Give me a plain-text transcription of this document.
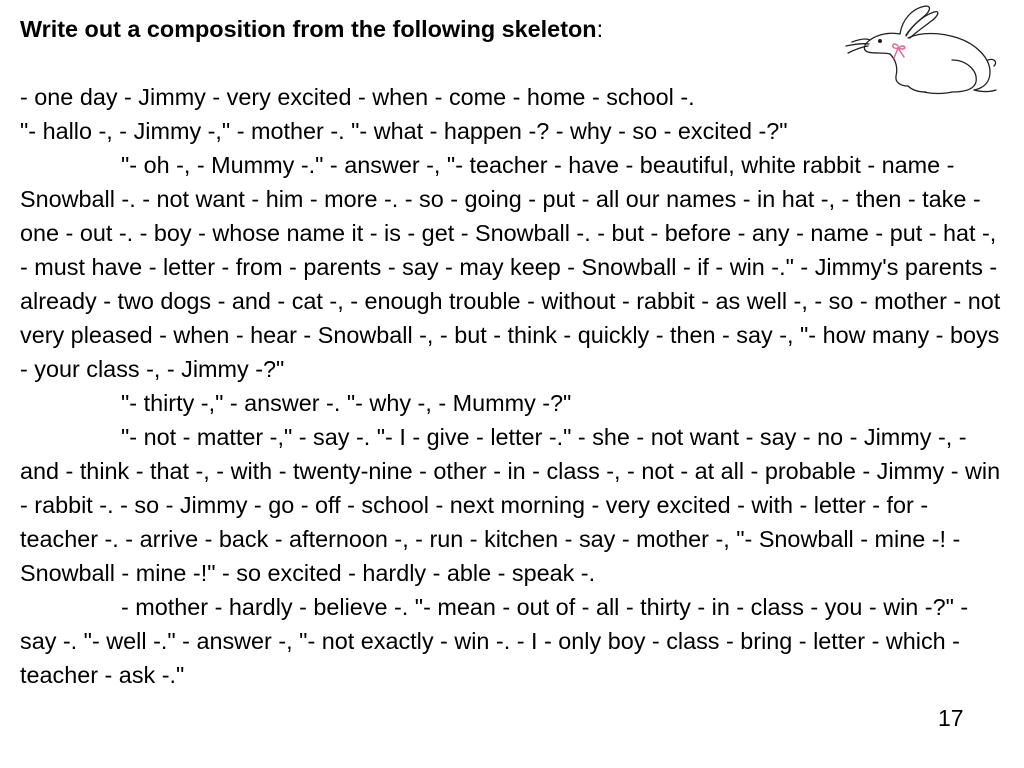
Write out a composition from the following skeleton:

- one day - Jimmy - very excited - when - come - home - school -.

"- hallo -, - Jimmy -," - mother -. "- what - happen -? - why - so - excited -?"

"- oh -, - Mummy -." - answer -, "- teacher - have - beautiful, white rabbit - name - Snowball -. - not want - him - more -. - so - going - put - all our names - in hat -, - then - take - one - out -. - boy - whose name it - is - get - Snowball -. - but - before - any - name - put - hat -, - must have - letter - from - parents - say - may keep - Snowball - if - win -." - Jimmy's parents - already - two dogs - and - cat -, - enough trouble - without - rabbit - as well -, - so - mother - not very pleased - when - hear - Snowball -, - but - think - quickly - then - say -, "- how many - boys - your class -, - Jimmy -?"

"- thirty -," - answer -. "- why -, - Mummy -?"

"- not - matter -," - say -. "- I - give - letter -." - she - not want - say - no - Jimmy -, - and - think - that -, - with - twenty-nine - other - in - class -, - not - at all - probable - Jimmy - win - rabbit -. - so - Jimmy - go - off - school - next morning - very excited - with - letter - for - teacher -. - arrive - back - afternoon -, - run - kitchen - say - mother -, "- Snowball - mine -! - Snowball - mine -!" - so excited - hardly - able - speak -.

- mother - hardly - believe -. "- mean - out of - all - thirty - in - class - you - win -?" - say -. "- well -." - answer -, "- not exactly - win -. - I - only boy - class - bring - letter - which - teacher - ask -."

17
